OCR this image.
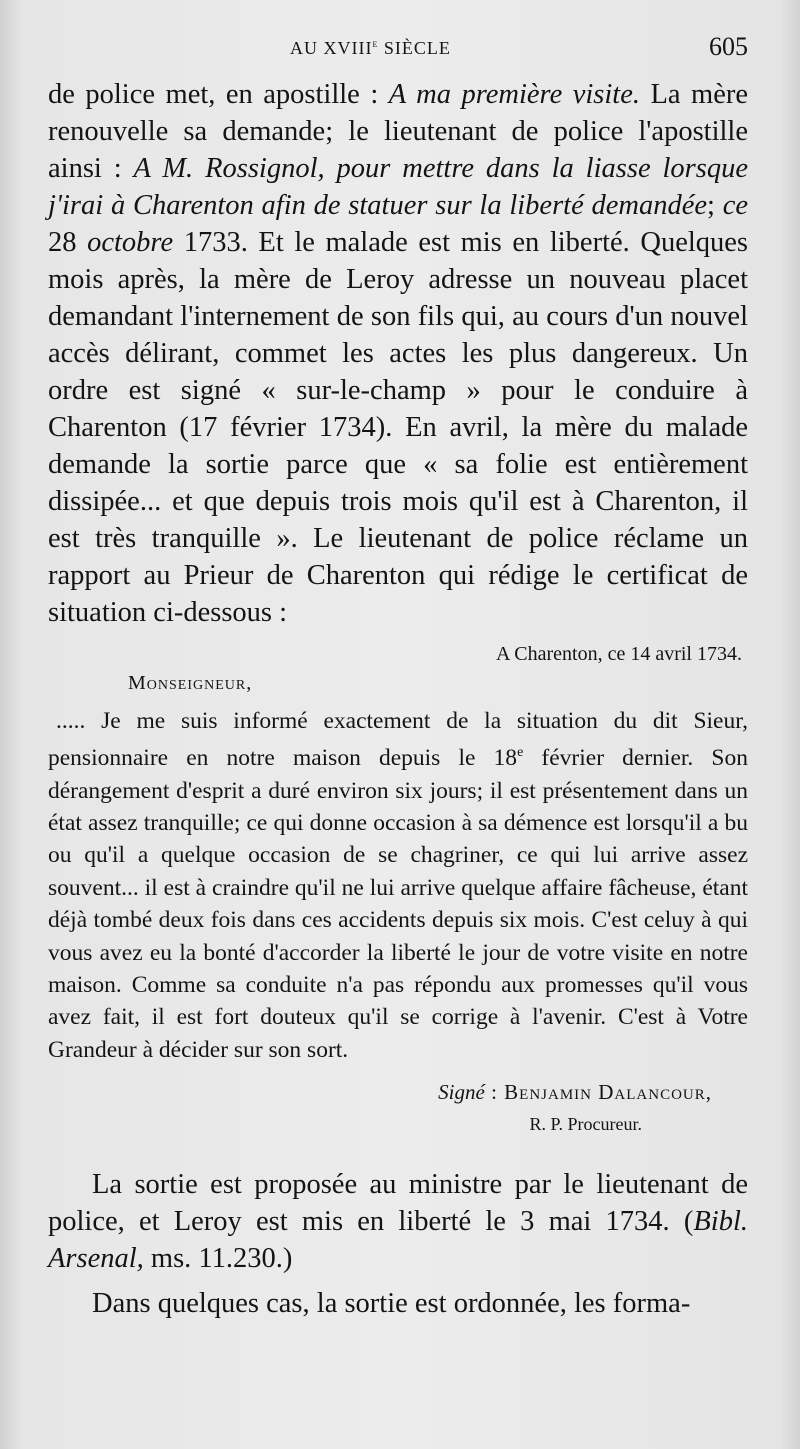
AU XVIIIe SIÈCLE	605

de police met, en apostille : A ma première visite. La mère renouvelle sa demande; le lieutenant de police l'apostille ainsi : A M. Rossignol, pour mettre dans la liasse lorsque j'irai à Charenton afin de statuer sur la liberté demandée; ce 28 octobre 1733. Et le malade est mis en liberté. Quelques mois après, la mère de Leroy adresse un nouveau placet demandant l'internement de son fils qui, au cours d'un nouvel accès délirant, commet les actes les plus dangereux. Un ordre est signé « sur-le-champ » pour le conduire à Charenton (17 février 1734). En avril, la mère du malade demande la sortie parce que « sa folie est entièrement dissipée... et que depuis trois mois qu'il est à Charenton, il est très tranquille ». Le lieutenant de police réclame un rapport au Prieur de Charenton qui rédige le certificat de situation ci-dessous :

A Charenton, ce 14 avril 1734.
Monseigneur,
..... Je me suis informé exactement de la situation du dit Sieur, pensionnaire en notre maison depuis le 18e février dernier. Son dérangement d'esprit a duré environ six jours; il est présentement dans un état assez tranquille; ce qui donne occasion à sa démence est lorsqu'il a bu ou qu'il a quelque occasion de se chagriner, ce qui lui arrive assez souvent... il est à craindre qu'il ne lui arrive quelque affaire fâcheuse, étant déjà tombé deux fois dans ces accidents depuis six mois. C'est celuy à qui vous avez eu la bonté d'accorder la liberté le jour de votre visite en notre maison. Comme sa conduite n'a pas répondu aux promesses qu'il vous avez fait, il est fort douteux qu'il se corrige à l'avenir. C'est à Votre Grandeur à décider sur son sort.
Signé : Benjamin Dalancour,
R. P. Procureur.

La sortie est proposée au ministre par le lieutenant de police, et Leroy est mis en liberté le 3 mai 1734. (Bibl. Arsenal, ms. 11.230.)

Dans quelques cas, la sortie est ordonnée, les forma-
